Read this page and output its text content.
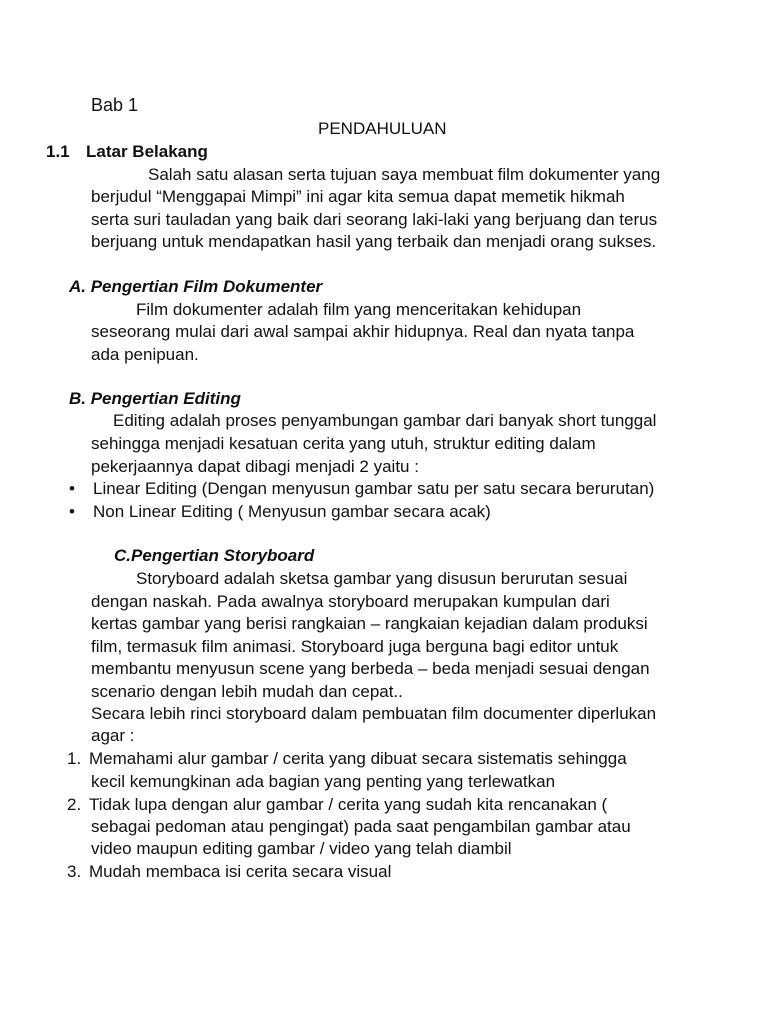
Bab 1
PENDAHULUAN
1.1 Latar Belakang
Salah satu alasan serta tujuan saya membuat film dokumenter yang
berjudul “Menggapai Mimpi” ini agar kita semua dapat memetik hikmah
serta suri tauladan yang baik dari seorang laki-laki yang berjuang dan terus
berjuang untuk mendapatkan hasil yang terbaik dan menjadi orang sukses.
A. Pengertian Film Dokumenter
Film dokumenter adalah film yang menceritakan kehidupan
seseorang mulai dari awal sampai akhir hidupnya. Real dan nyata tanpa
ada penipuan.
B. Pengertian Editing
Editing adalah proses penyambungan gambar dari banyak short tunggal
sehingga menjadi kesatuan cerita yang utuh, struktur editing dalam
pekerjaannya dapat dibagi menjadi 2 yaitu :
• Linear Editing (Dengan menyusun gambar satu per satu secara berurutan)
• Non Linear Editing ( Menyusun gambar secara acak)
C.Pengertian Storyboard
Storyboard adalah sketsa gambar yang disusun berurutan sesuai
dengan naskah. Pada awalnya storyboard merupakan kumpulan dari
kertas gambar yang berisi rangkaian – rangkaian kejadian dalam produksi
film, termasuk film animasi. Storyboard juga berguna bagi editor untuk
membantu menyusun scene yang berbeda – beda menjadi sesuai dengan
scenario dengan lebih mudah dan cepat..
Secara lebih rinci storyboard dalam pembuatan film documenter diperlukan
agar :
1. Memahami alur gambar / cerita yang dibuat secara sistematis sehingga
kecil kemungkinan ada bagian yang penting yang terlewatkan
2. Tidak lupa dengan alur gambar / cerita yang sudah kita rencanakan (
sebagai pedoman atau pengingat) pada saat pengambilan gambar atau
video maupun editing gambar / video yang telah diambil
3. Mudah membaca isi cerita secara visual
